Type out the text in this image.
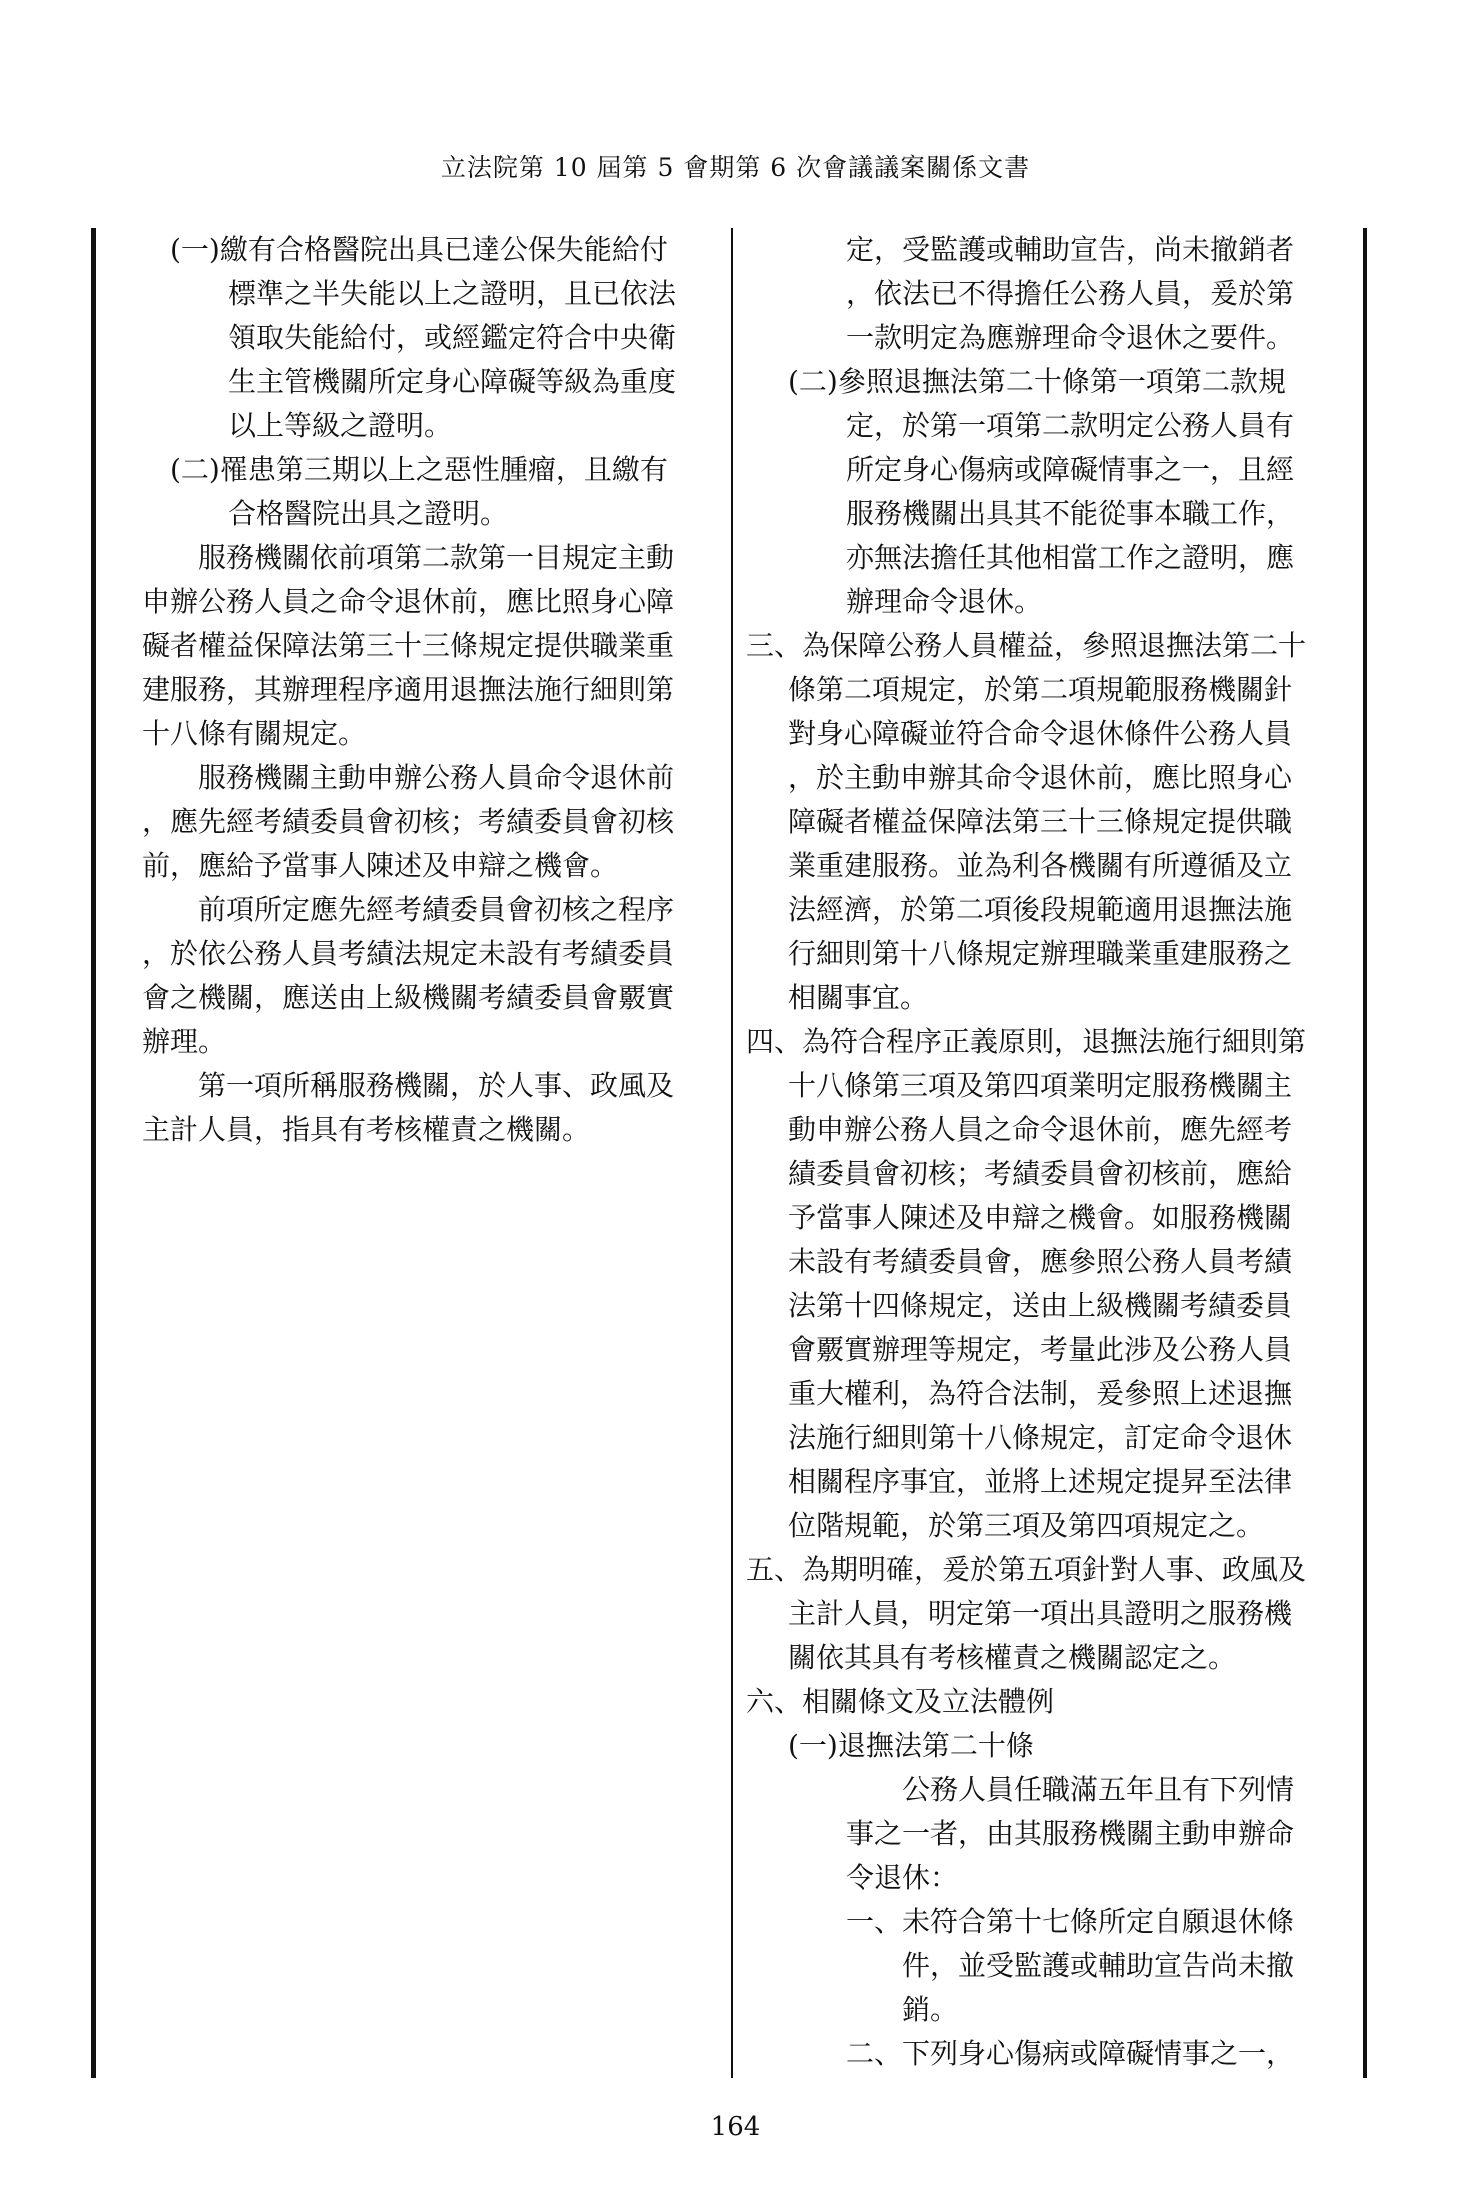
立法院第 10 屆第 5 會期第 6 次會議議案關係文書
(一)繳有合格醫院出具已達公保失能給付
標準之半失能以上之證明，且已依法
領取失能給付，或經鑑定符合中央衛
生主管機關所定身心障礙等級為重度
以上等級之證明。
(二)罹患第三期以上之惡性腫瘤，且繳有
合格醫院出具之證明。
服務機關依前項第二款第一目規定主動
申辦公務人員之命令退休前，應比照身心障
礙者權益保障法第三十三條規定提供職業重
建服務，其辦理程序適用退撫法施行細則第
十八條有關規定。
服務機關主動申辦公務人員命令退休前
，應先經考績委員會初核；考績委員會初核
前，應給予當事人陳述及申辯之機會。
前項所定應先經考績委員會初核之程序
，於依公務人員考績法規定未設有考績委員
會之機關，應送由上級機關考績委員會覈實
辦理。
第一項所稱服務機關，於人事、政風及
主計人員，指具有考核權責之機關。
定，受監護或輔助宣告，尚未撤銷者
，依法已不得擔任公務人員，爰於第
一款明定為應辦理命令退休之要件。
(二)參照退撫法第二十條第一項第二款規
定，於第一項第二款明定公務人員有
所定身心傷病或障礙情事之一，且經
服務機關出具其不能從事本職工作，
亦無法擔任其他相當工作之證明，應
辦理命令退休。
三、為保障公務人員權益，參照退撫法第二十
條第二項規定，於第二項規範服務機關針
對身心障礙並符合命令退休條件公務人員
，於主動申辦其命令退休前，應比照身心
障礙者權益保障法第三十三條規定提供職
業重建服務。並為利各機關有所遵循及立
法經濟，於第二項後段規範適用退撫法施
行細則第十八條規定辦理職業重建服務之
相關事宜。
四、為符合程序正義原則，退撫法施行細則第
十八條第三項及第四項業明定服務機關主
動申辦公務人員之命令退休前，應先經考
績委員會初核；考績委員會初核前，應給
予當事人陳述及申辯之機會。如服務機關
未設有考績委員會，應參照公務人員考績
法第十四條規定，送由上級機關考績委員
會覈實辦理等規定，考量此涉及公務人員
重大權利，為符合法制，爰參照上述退撫
法施行細則第十八條規定，訂定命令退休
相關程序事宜，並將上述規定提昇至法律
位階規範，於第三項及第四項規定之。
五、為期明確，爰於第五項針對人事、政風及
主計人員，明定第一項出具證明之服務機
關依其具有考核權責之機關認定之。
六、相關條文及立法體例
(一)退撫法第二十條
公務人員任職滿五年且有下列情
事之一者，由其服務機關主動申辦命
令退休：
一、未符合第十七條所定自願退休條
件，並受監護或輔助宣告尚未撤
銷。
二、下列身心傷病或障礙情事之一，
164
